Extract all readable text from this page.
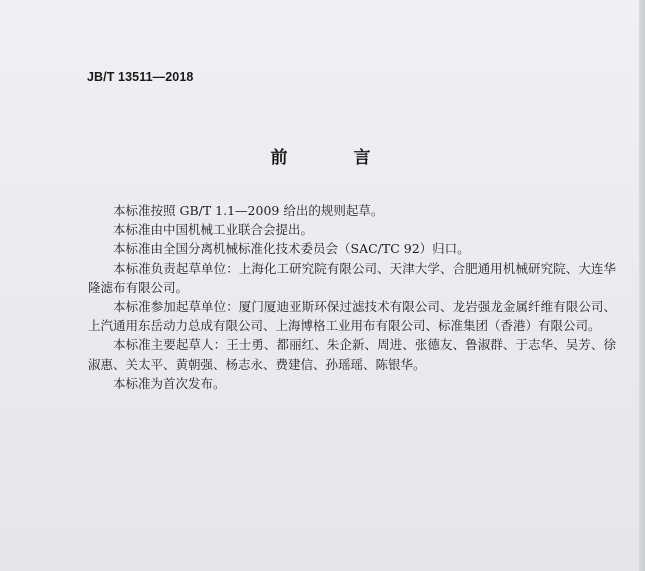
JB/T 13511—2018
前 言

本标准按照 GB/T 1.1—2009 给出的规则起草。

本标准由中国机械工业联合会提出。

本标准由全国分离机械标准化技术委员会（SAC/TC 92）归口。

本标准负责起草单位：上海化工研究院有限公司、天津大学、合肥通用机械研究院、大连华隆滤布有限公司。

本标准参加起草单位：厦门厦迪亚斯环保过滤技术有限公司、龙岩强龙金属纤维有限公司、上汽通用东岳动力总成有限公司、上海博格工业用布有限公司、标准集团（香港）有限公司。

本标准主要起草人：王士勇、都丽红、朱企新、周进、张德友、鲁淑群、于志华、吴芳、徐淑惠、关太平、黄朝强、杨志永、费建信、孙瑶瑶、陈银华。

本标准为首次发布。
